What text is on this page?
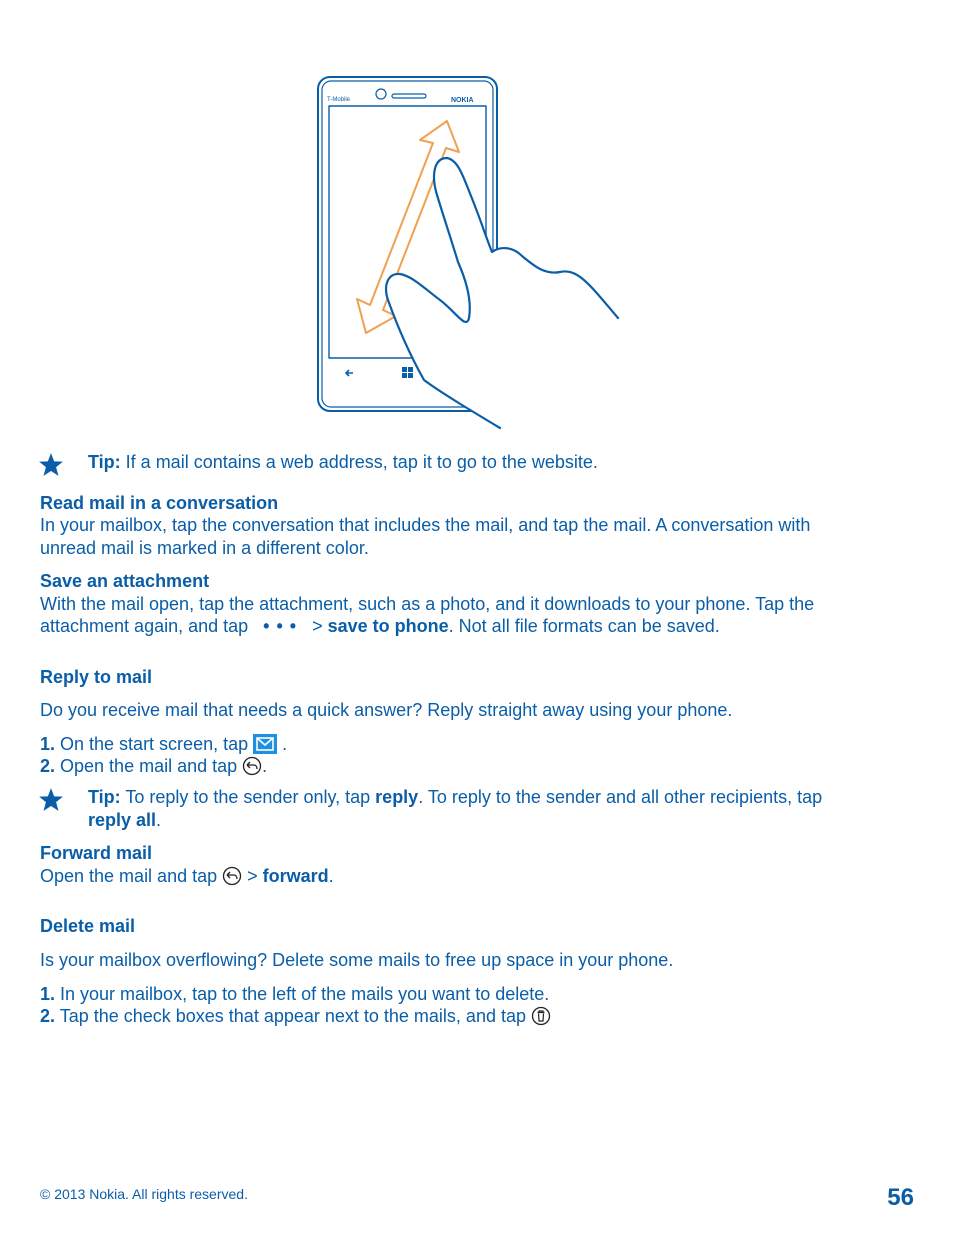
T-Mobile	NOKIA
Tip: If a mail contains a web address, tap it to go to the website.
Read mail in a conversation
In your mailbox, tap the conversation that includes the mail, and tap the mail. A conversation with
unread mail is marked in a different color.
Save an attachment
With the mail open, tap the attachment, such as a photo, and it downloads to your phone. Tap the
attachment again, and tap • • • > save to phone. Not all file formats can be saved.
Reply to mail
Do you receive mail that needs a quick answer? Reply straight away using your phone.
1. On the start screen, tap  .
2. Open the mail and tap .
Tip: To reply to the sender only, tap reply. To reply to the sender and all other recipients, tap
reply all.
Forward mail
Open the mail and tap  > forward.
Delete mail
Is your mailbox overflowing? Delete some mails to free up space in your phone.
1. In your mailbox, tap to the left of the mails you want to delete.
2. Tap the check boxes that appear next to the mails, and tap
© 2013 Nokia. All rights reserved.	56
